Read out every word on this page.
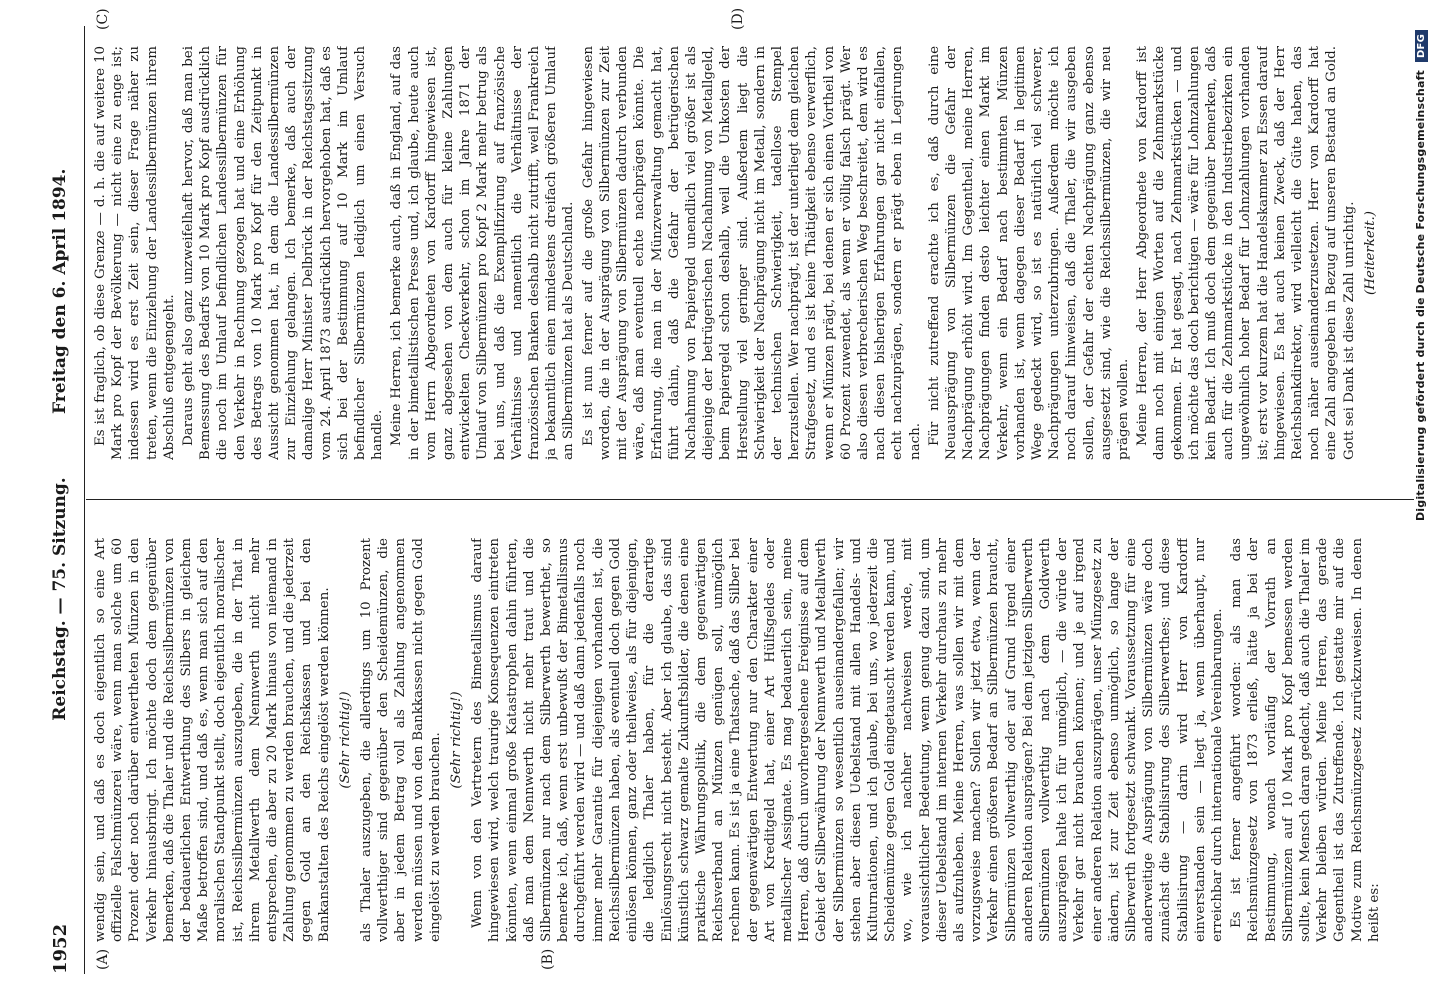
1952
Reichstag. — 75. Sitzung.
Freitag den 6. April 1894.
(A)	(B)
(C)	(D)

wendig sein, und daß es doch eigentlich so eine Art offizielle Falschmünzerei wäre, wenn man solche um 60 Prozent oder noch darüber entwertheten Münzen in den Verkehr hinausbringt. Ich möchte doch dem gegenüber bemerken, daß die Thaler und die Reichssilbermünzen von der bedauerlichen Entwerthung des Silbers in gleichem Maße betroffen sind, und daß es, wenn man sich auf den moralischen Standpunkt stellt, doch eigentlich moralischer ist, Reichssilbermünzen auszugeben, die in der That in ihrem Metallwerth dem Nennwerth nicht mehr entsprechen, die aber zu 20 Mark hinaus von niemand in Zahlung genommen zu werden brauchen, und die jederzeit gegen Gold an den Reichskassen und bei den Bankanstalten des Reichs eingelöst werden können. (Sehr richtig!) als Thaler auszugeben, die allerdings um 10 Prozent vollwerthiger sind gegenüber den Scheidemünzen, die aber in jedem Betrag voll als Zahlung angenommen werden müssen und von den Bankkassen nicht gegen Gold eingelöst zu werden brauchen. (Sehr richtig!) Wenn von den Vertretern des Bimetallismus darauf hingewiesen wird, welch traurige Konsequenzen eintreten könnten, wenn einmal große Katastrophen dahin führten, daß man dem Nennwerth nicht mehr traut und die Silbermünzen nur nach dem Silberwerth bewerthet, so bemerke ich, daß, wenn erst unbewußt der Bimetallismus durchgeführt werden wird — und daß dann jedenfalls noch immer mehr Garantie für diejenigen vorhanden ist, die Reichssilbermünzen haben, als eventuell doch gegen Gold einlösen können, ganz oder theilweise, als für diejenigen, die lediglich Thaler haben, für die derartige Einlösungsrecht nicht besteht. Aber ich glaube, das sind künstlich schwarz gemalte Zukunftsbilder, die denen eine praktische Währungspolitik, die dem gegenwärtigen Reichsverband an Münzen genügen soll, unmöglich rechnen kann. Es ist ja eine Thatsache, daß das Silber bei der gegenwärtigen Entwertung nur den Charakter einer Art von Kreditgeld hat, einer Art Hülfsgeldes oder metallischer Assignate. Es mag bedauerlich sein, meine Herren, daß durch unvorhergesehene Ereignisse auf dem Gebiet der Silberwährung der Nennwerth und Metallwerth der Silbermünzen so wesentlich auseinandergefallen; wir stehen aber diesen Uebelstand mit allen Handels- und Kulturnationen, und ich glaube, bei uns, wo jederzeit die Scheidemünze gegen Gold eingetauscht werden kann, und wo, wie ich nachher nachweisen werde, mit voraussichtlicher Bedeutung, wenn genug dazu sind, um dieser Uebelstand im internen Verkehr durchaus zu mehr als aufzuheben. Meine Herren, was sollen wir mit dem vorzugsweise machen? Sollen wir jetzt etwa, wenn der Verkehr einen größeren Bedarf an Silbermünzen braucht, Silbermünzen vollwerthig oder auf Grund irgend einer anderen Relation ausprägen? Bei dem jetzigen Silberwerth Silbermünzen vollwerthig nach dem Goldwerth auszuprägen halte ich für unmöglich, — die würde der Verkehr gar nicht brauchen können; und je auf irgend einer anderen Relation auszuprägen, unser Münzgesetz zu ändern, ist zur Zeit ebenso unmöglich, so lange der Silberwerth fortgesetzt schwankt. Voraussetzung für eine anderweitige Ausprägung von Silbermünzen wäre doch zunächst die Stabilisirung des Silberwerthes; und diese Stabilisirung — darin wird Herr von Kardorff einverstanden sein — liegt ja, wenn überhaupt, nur erreichbar durch internationale Vereinbarungen. Es ist ferner angeführt worden: als man das Reichsmünzgesetz von 1873 erließ, hätte ja bei der Bestimmung, wonach vorläufig der Vorrath an Silbermünzen auf 10 Mark pro Kopf bemessen werden sollte, kein Mensch daran gedacht, daß auch die Thaler im Verkehr bleiben würden. Meine Herren, das gerade Gegentheil ist das Zutreffende. Ich gestatte mir auf die Motive zum Reichsmünzgesetz zurückzuweisen. In denen heißt es:

Es ist fraglich, ob diese Grenze — d. h. die auf weitere 10 Mark pro Kopf der Bevölkerung — nicht eine zu enge ist; indessen wird es erst Zeit sein, dieser Frage näher zu treten, wenn die Einziehung der Landessilbermünzen ihrem Abschluß entgegengeht. Daraus geht also ganz unzweifelhaft hervor, daß man bei Bemessung des Bedarfs von 10 Mark pro Kopf ausdrücklich die noch im Umlauf befindlichen Landessilbermünzen für den Verkehr in Rechnung gezogen hat und eine Erhöhung des Betrags von 10 Mark pro Kopf für den Zeitpunkt in Aussicht genommen hat, in dem die Landessilbermünzen zur Einziehung gelangen. Ich bemerke, daß auch der damalige Herr Minister Delbrück in der Reichstagssitzung vom 24. April 1873 ausdrücklich hervorgehoben hat, daß es sich bei der Bestimmung auf 10 Mark im Umlauf befindlicher Silbermünzen lediglich um einen Versuch handle. Meine Herren, ich bemerke auch, daß in England, auf das in der bimetallistischen Presse und, ich glaube, heute auch vom Herrn Abgeordneten von Kardorff hingewiesen ist, ganz abgesehen von dem auch für kleine Zahlungen entwickelten Checkverkehr, schon im Jahre 1871 der Umlauf von Silbermünzen pro Kopf 2 Mark mehr betrug als bei uns, und daß die Exemplifizirung auf französische Verhältnisse und namentlich die Verhältnisse der französischen Banken deshalb nicht zutrifft, weil Frankreich ja bekanntlich einen mindestens dreifach größeren Umlauf an Silbermünzen hat als Deutschland. Es ist nun ferner auf die große Gefahr hingewiesen worden, die in der Ausprägung von Silbermünzen zur Zeit mit der Ausprägung von Silbermünzen dadurch verbunden wäre, daß man eventuell echte nachprägen könnte. Die Erfahrung, die man in der Münzverwaltung gemacht hat, führt dahin, daß die Gefahr der betrügerischen Nachahmung von Papiergeld unendlich viel größer ist als diejenige der betrügerischen Nachahmung von Metallgeld, beim Papiergeld schon deshalb, weil die Unkosten der Herstellung viel geringer sind. Außerdem liegt die Schwierigkeit der Nachprägung nicht im Metall, sondern in der technischen Schwierigkeit, tadellose Stempel herzustellen. Wer nachprägt, ist der unterliegt dem gleichen Strafgesetz, und es ist keine Thätigkeit ebenso verwerflich, wenn er Münzen prägt, bei denen er sich einen Vortheil von 60 Prozent zuwendet, als wenn er völlig falsch prägt. Wer also diesen verbrecherischen Weg beschreitet, dem wird es nach diesen bisherigen Erfahrungen gar nicht einfallen, echt nachzuprägen, sondern er prägt eben in Legirungen nach. Für nicht zutreffend erachte ich es, daß durch eine Neuausprägung von Silbermünzen die Gefahr der Nachprägung erhöht wird. Im Gegentheil, meine Herren, Nachprägungen finden desto leichter einen Markt im Verkehr, wenn ein Bedarf nach bestimmten Münzen vorhanden ist, wenn dagegen dieser Bedarf in legitimen Wege gedeckt wird, so ist es natürlich viel schwerer, Nachprägungen unterzubringen. Außerdem möchte ich noch darauf hinweisen, daß die Thaler, die wir ausgeben sollen, der Gefahr der echten Nachprägung ganz ebenso ausgesetzt sind, wie die Reichssilbermünzen, die wir neu prägen wollen. Meine Herren, der Herr Abgeordnete von Kardorff ist dann noch mit einigen Worten auf die Zehnmarkstücke gekommen. Er hat gesagt, nach Zehnmarkstücken — und ich möchte das doch berichtigen — wäre für Lohnzahlungen kein Bedarf. Ich muß doch dem gegenüber bemerken, daß auch für die Zehnmarkstücke in den Industriebezirken ein ungewöhnlich hoher Bedarf für Lohnzahlungen vorhanden ist; erst vor kurzem hat die Handelskammer zu Essen darauf hingewiesen. Es hat auch keinen Zweck, daß der Herr Reichsbankdirektor, wird vielleicht die Güte haben, das noch näher auseinanderzusetzen. Herr von Kardorff hat eine Zahl angegeben in Bezug auf unseren Bestand an Gold. Gott sei Dank ist diese Zahl unrichtig. (Heiterkeit.)	Digitalisierung gefördert durch die Deutsche Forschungsgemeinschaft DFG
